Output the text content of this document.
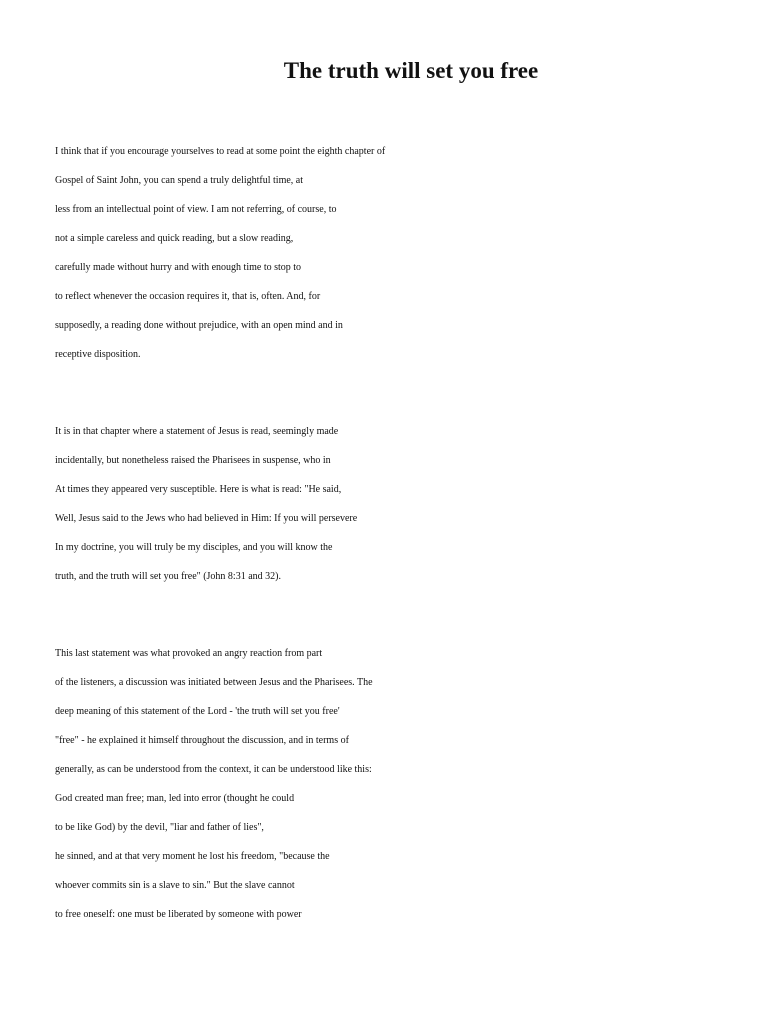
The truth will set you free
I think that if you encourage yourselves to read at some point the eighth chapter of
Gospel of Saint John, you can spend a truly delightful time, at
less from an intellectual point of view. I am not referring, of course, to
not a simple careless and quick reading, but a slow reading,
carefully made without hurry and with enough time to stop to
to reflect whenever the occasion requires it, that is, often. And, for
supposedly, a reading done without prejudice, with an open mind and in
receptive disposition.
It is in that chapter where a statement of Jesus is read, seemingly made
incidentally, but nonetheless raised the Pharisees in suspense, who in
At times they appeared very susceptible. Here is what is read: "He said,
Well, Jesus said to the Jews who had believed in Him: If you will persevere
In my doctrine, you will truly be my disciples, and you will know the
truth, and the truth will set you free" (John 8:31 and 32).
This last statement was what provoked an angry reaction from part
of the listeners, a discussion was initiated between Jesus and the Pharisees. The
deep meaning of this statement of the Lord - 'the truth will set you free'
"free" - he explained it himself throughout the discussion, and in terms of
generally, as can be understood from the context, it can be understood like this:
God created man free; man, led into error (thought he could
to be like God) by the devil, "liar and father of lies",
he sinned, and at that very moment he lost his freedom, "because the
whoever commits sin is a slave to sin." But the slave cannot
to free oneself: one must be liberated by someone with power
